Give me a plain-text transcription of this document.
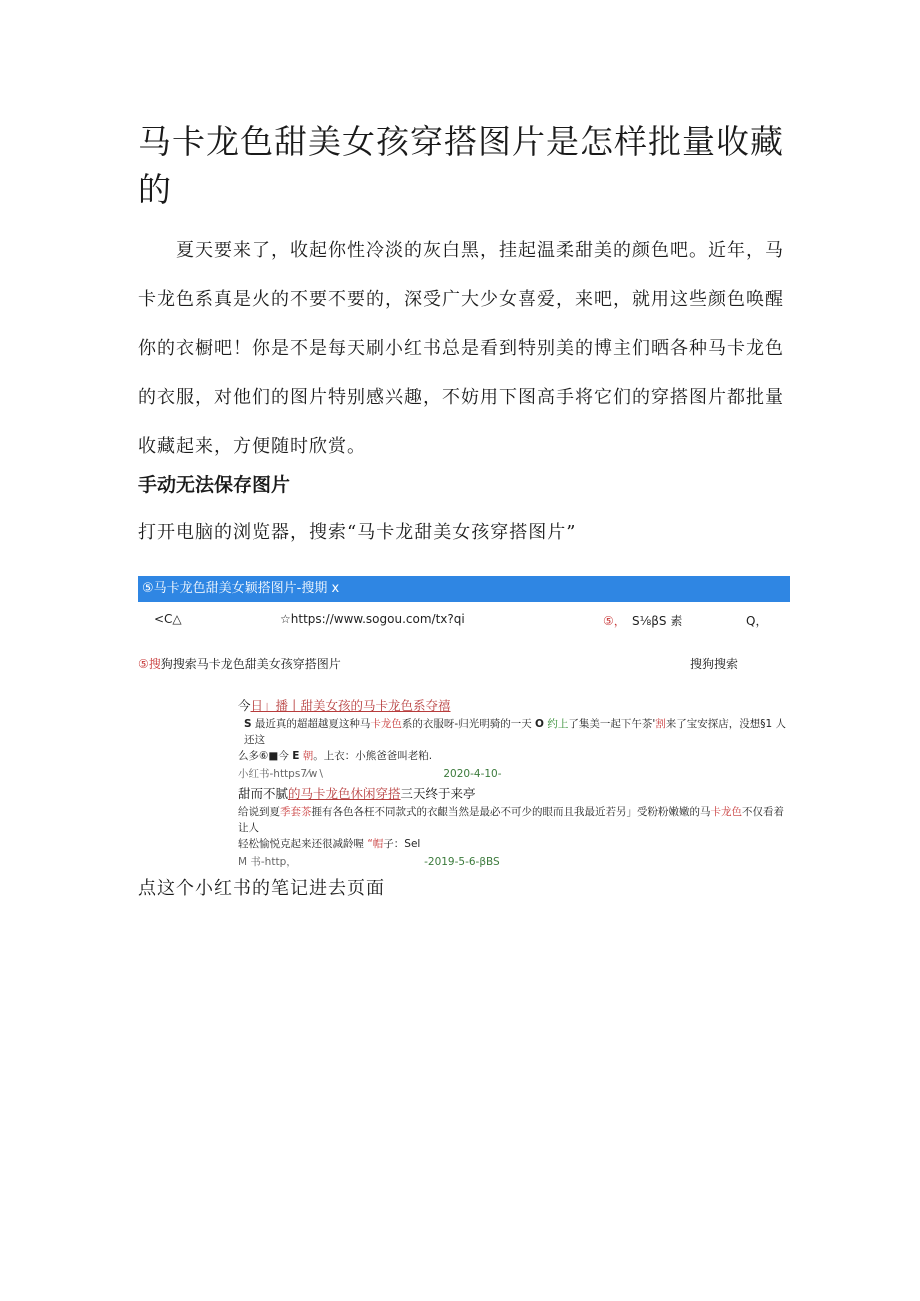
马卡龙色甜美女孩穿搭图片是怎样批量收藏的

夏天要来了，收起你性冷淡的灰白黑，挂起温柔甜美的颜色吧。近年，马卡龙色系真是火的不要不要的，深受广大少女喜爱，来吧，就用这些颜色唤醒你的衣橱吧！你是不是每天刷小红书总是看到特别美的博主们晒各种马卡龙色的衣服，对他们的图片特别感兴趣，不妨用下图高手将它们的穿搭图片都批量收藏起来，方便随时欣赏。

手动无法保存图片

打开电脑的浏览器，搜索“马卡龙甜美女孩穿搭图片”

⑤马卡龙色甜美女颖搭图片-搜期 x
<C△	☆https://www.sogou.com/tx?qi	⑤， S⅛βS 素	Q，
⑤搜狗搜索马卡龙色甜美女孩穿搭图片	搜狗搜索
今日」播丨甜美女孩的马卡龙色系夺禧
S 最近真的超超越夏这种马卡龙色系的衣服呀-归光明骑的一天 O 约上了集美一起下午茶'割来了宝安探店，没想§1 人还这
么多⑥■今 E 朝。上衣：小熊爸爸叫老粕.
小红书-https7⁄w∖	2020-4-10-
甜而不腻的马卡龙色休闲穿搭三天终于来亭
给说到夏季套茶捱有各色各枉不同款式的衣齦当然是最必不可少的眼而且我最近若另」受粉粉嫩嫩的马卡龙色不仅看着让人
轻松愉悦克起来还很减龄喔 “帽子：Sel
M 书-http，	-2019-5-6-βBS

点这个小红书的笔记进去页面
